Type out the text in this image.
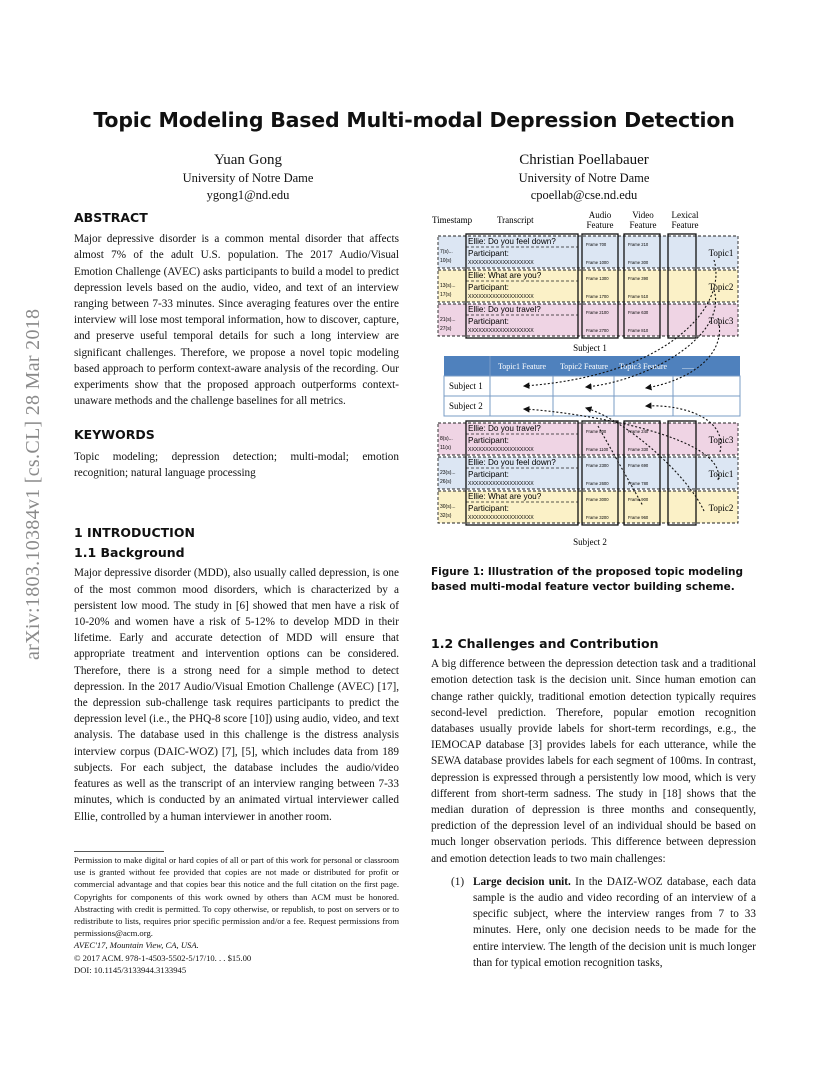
arXiv:1803.10384v1 [cs.CL] 28 Mar 2018
Topic Modeling Based Multi-modal Depression Detection
Yuan Gong
University of Notre Dame
ygong1@nd.edu
Christian Poellabauer
University of Notre Dame
cpoellab@cse.nd.edu
ABSTRACT

Major depressive disorder is a common mental disorder that affects almost 7% of the adult U.S. population. The 2017 Audio/Visual Emotion Challenge (AVEC) asks participants to build a model to predict depression levels based on the audio, video, and text of an interview ranging between 7-33 minutes. Since averaging features over the entire interview will lose most temporal information, how to discover, capture, and preserve useful temporal details for such a long interview are significant challenges. Therefore, we propose a novel topic modeling based approach to perform context-aware analysis of the recording. Our experiments show that the proposed approach outperforms context-unaware methods and the challenge baselines for all metrics.

KEYWORDS

Topic modeling; depression detection; multi-modal; emotion recognition; natural language processing

1 INTRODUCTION
1.1 Background

Major depressive disorder (MDD), also usually called depression, is one of the most common mood disorders, which is characterized by a persistent low mood. The study in [6] showed that men have a risk of 10-20% and women have a risk of 5-12% to develop MDD in their lifetime. Early and accurate detection of MDD will ensure that appropriate treatment and intervention options can be considered. Therefore, there is a strong need for a simple method to detect depression. In the 2017 Audio/Visual Emotion Challenge (AVEC) [17], the depression sub-challenge task requires participants to predict the depression level (i.e., the PHQ-8 score [10]) using audio, video, and text analysis. The database used in this challenge is the distress analysis interview corpus (DAIC-WOZ) [7], [5], which includes data from 189 subjects. For each subject, the database includes the audio/video features as well as the transcript of an interview ranging between 7-33 minutes, which is conducted by an animated virtual interviewer called Ellie, controlled by a human interviewer in another room.

Permission to make digital or hard copies of all or part of this work for personal or classroom use is granted without fee provided that copies are not made or distributed for profit or commercial advantage and that copies bear this notice and the full citation on the first page. Copyrights for components of this work owned by others than ACM must be honored. Abstracting with credit is permitted. To copy otherwise, or republish, to post on servers or to redistribute to lists, requires prior specific permission and/or a fee. Request permissions from permissions@acm.org.

AVEC'17, Mountain View, CA, USA.

© 2017 ACM. 978-1-4503-5502-5/17/10. . . $15.00

DOI: 10.1145/3133944.3133945

Timestamp	Transcript	Audio
Feature
Video
Feature
Lexical
Feature
7(s)...
10(s)
Ellie: Do you feel down?
Participant:
XXXXXXXXXXXXXXXXXXX
Frame 700
Frame 1000
Frame 210
Frame 300
Topic1
13(s)...
17(s)
Ellie: What are you?
Participant:
XXXXXXXXXXXXXXXXXXX
Frame 1300
Frame 1700
Frame 390
Frame 510
Topic2
21(s)...
27(s)
Ellie: Do you travel?
Participant:
XXXXXXXXXXXXXXXXXXX
Frame 2100
Frame 2700
Frame 630
Frame 810
Topic3
8(s)...
11(s)
Ellie: Do you travel?
Participant:
XXXXXXXXXXXXXXXXXXX
Frame 800
Frame 1100
Frame 240
Frame 330
Topic3
23(s)...
26(s)
Ellie: Do you feel down?
Participant:
XXXXXXXXXXXXXXXXXXX
Frame 2300
Frame 2600
Frame 690
Frame 780
Topic1
30(s)...
32(s)
Ellie: What are you?
Participant:
XXXXXXXXXXXXXXXXXXX
Frame 3000
Frame 3200
Frame 900
Frame 960
Topic2
Subject 1
Topic1 Feature Topic2 Feature Topic3 Feature ......
Subject 1
Subject 2
Subject 2
Figure 1: Illustration of the proposed topic modeling based multi-modal feature vector building scheme.
1.2 Challenges and Contribution

A big difference between the depression detection task and a traditional emotion detection task is the decision unit. Since human emotion can change rather quickly, traditional emotion detection typically requires second-level prediction. Therefore, popular emotion recognition databases usually provide labels for short-term recordings, e.g., the IEMOCAP database [3] provides labels for each utterance, while the SEWA database provides labels for each segment of 100ms. In contrast, depression is expressed through a persistently low mood, which is very different from short-term sadness. The study in [18] shows that the median duration of depression is three months and consequently, prediction of the depression level of an individual should be based on much longer observation periods. This difference between depression and emotion detection leads to two main challenges:

(1) Large decision unit. In the DAIZ-WOZ database, each data sample is the audio and video recording of an interview of a specific subject, where the interview ranges from 7 to 33 minutes. Here, only one decision needs to be made for the entire interview. The length of the decision unit is much longer than for typical emotion recognition tasks,
